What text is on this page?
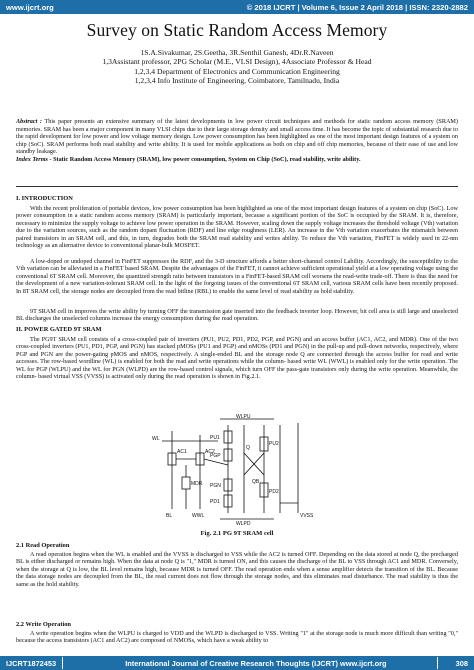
www.ijcrt.org	© 2018 IJCRT | Volume 6, Issue 2 April 2018 | ISSN: 2320-2882
Survey on Static Random Access Memory
1S.A.Sivakumar, 2S.Geetha, 3R.Senthil Ganesh, 4Dr.R.Naveen
1,3Assistant professor, 2PG Scholar (M.E., VLSI Design), 4Associate Professor & Head
1,2,3,4 Department of Electronics and Communication Engineering
1,2,3,4 Info Institute of Engineering, Coimbatore, Tamilnadu, India
Abstract : This paper presents an extensive summary of the latest developments in low power circuit techniques and methods for static random access memory (SRAM) memories. SRAM has been a major component in many VLSI chips due to their large storage density and small access time. It has become the topic of substantial research due to the rapid development for low power and low voltage memory design. Low power consumption has been highlighted as one of the most important design features of a system on chip (SoC). SRAM performs both read stability and write ability. It is used for mobile applications as both on chip and off chip memories, because of their ease of use and low standby leakage.
Index Terms - Static Random Access Memory (SRAM), low power consumption, System on Chip (SoC), read stability, write ability.
I. INTRODUCTION
With the recent proliferation of portable devices, low power consumption has been highlighted as one of the most important design features of a system on chip (SoC). Low power consumption in a static random access memory (SRAM) is particularly important, because a significant portion of the SoC is occupied by the SRAM. It is, therefore, necessary to minimize the supply voltage to achieve low power operation in the SRAM. However, scaling down the supply voltage increases the threshold voltage (Vth) variation due to the variation sources, such as the random dopant fluctuation (RDF) and line edge roughness (LER). An increase in the Vth variation exacerbates the mismatch between paired transistors in an SRAM cell, and this, in turn, degrades both the SRAM read stability and writes ability. To reduce the Vth variation, FinFET is widely used in 22-nm technology as an alternative device to conventional planar-bulk MOSFET.
A low-doped or undoped channel in FinFET suppresses the RDF, and the 3-D structure affords a better short-channel control Lability. Accordingly, the susceptibility to the Vth variation can be alleviated in a FinFET based SRAM. Despite the advantages of the FinFET, it cannot achieve sufficient operational yield at a low operating voltage using the conventional 6T SRAM cell. Moreover, the quantized strength ratio between transistors in a FinFET-based SRAM cell worsens the read-write trade-off. There is thus the need for the development of a new variation-tolerant SRAM cell. In the light of the forgoing issues of the conventional 6T SRAM cell, various SRAM cells have been recently proposed. In 8T SRAM cell, the storage nodes are decoupled from the read bitline (RBL) to enable the same level of read stability as hold stability.
9T SRAM cell in improves the write ability by turning OFF the transmission gate inserted into the feedback inverter loop. However, bit cell area is still large and unselected BL discharges the unselected columns increase the energy consumption during the read operation.
II. POWER GATED 9T SRAM
The PG9T SRAM cell consists of a cross-coupled pair of inverters (PU1, PU2, PD1, PD2, PGP, and PGN) and an access buffer (AC1, AC2, and MDR). One of the two cross-coupled inverters (PU1, PD1, PGP, and PGN) has stacked pMOSs (PU1 and PGP) and nMOSs (PD1 and PGN) in the pull-up and pull-down networks, respectively, where PGP and PGN are the power-gating pMOS and nMOS, respectively. A single-ended BL and the storage node Q are connected through the access buffer for read and write accesses. The row-based wordline (WL) is enabled for both the read and write operations while the column- based write WL (WWL) is enabled only for the write operation. The WL for PGP (WLPU) and the WL for PGN (WLPD) are the row-based control signals, which turn OFF the pass-gate transistors only during the write operation. Meanwhile, the column- based virtual VSS (VVSS) is activated only during the read operation is shown in Fig.2.1.
WLPU
WLPD
WL
BL	WWL	VVSS
PU1
PU2
PD1
PD2
PGP
PGN
AC1	AC2
MDR
Q
QB
Fig. 2.1 PG 9T SRAM cell
2.1 Read Operation
A read operation begins when the WL is enabled and the VVSS is discharged to VSS while the AC2 is turned OFF. Depending on the data stored at node Q, the precharged BL is either discharged or remains high. When the data at node Q is "1," MDR is turned ON, and this causes the discharge of the BL to VSS through AC1 and MDR. Conversely, when the storage at Q is low, the BL level remains high, because MDR is turned OFF. The read operation ends when a sense amplifier detects the transition of the BL. Because the data storage nodes are decoupled from the BL, the read current does not flow through the storage nodes, and this eliminates read disturbance. The read stability is thus the same as the hold stability.
2.2 Write Operation
A write operation begins when the WLPU is charged to VDD and the WLPD is discharged to VSS. Writing "1" at the storage node is much more difficult than writing "0," because the access transistors (AC1 and AC2) are composed of NMOSs, which have a weak ability to
IJCRT1872453	International Journal of Creative Research Thoughts (IJCRT) www.ijcrt.org	308
